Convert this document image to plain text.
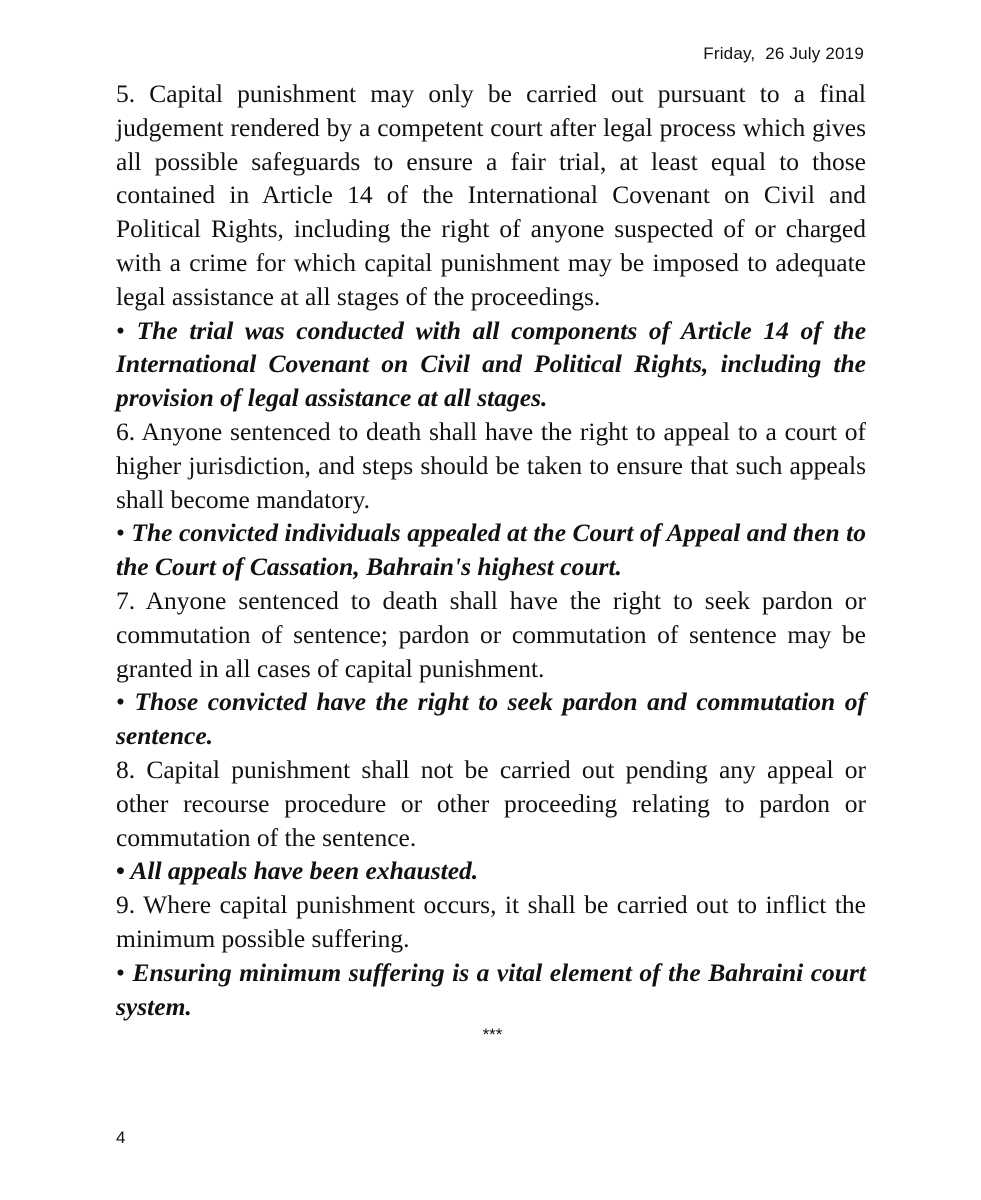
Friday,  26 July 2019

5. Capital punishment may only be carried out pursuant to a final judgement rendered by a competent court after legal process which gives all possible safeguards to ensure a fair trial, at least equal to those contained in Article 14 of the International Covenant on Civil and Political Rights, including the right of anyone suspected of or charged with a crime for which capital punishment may be imposed to adequate legal assistance at all stages of the proceedings.

• The trial was conducted with all components of Article 14 of the International Covenant on Civil and Political Rights, including the provision of legal assistance at all stages.

6. Anyone sentenced to death shall have the right to appeal to a court of higher jurisdiction, and steps should be taken to ensure that such appeals shall become mandatory.

• The convicted individuals appealed at the Court of Appeal and then to the Court of Cassation, Bahrain's highest court.

7. Anyone sentenced to death shall have the right to seek pardon or commutation of sentence; pardon or commutation of sentence may be granted in all cases of capital punishment.

• Those convicted have the right to seek pardon and commutation of sentence.

8. Capital punishment shall not be carried out pending any appeal or other recourse procedure or other proceeding relating to pardon or commutation of the sentence.

• All appeals have been exhausted.

9. Where capital punishment occurs, it shall be carried out to inflict the minimum possible suffering.

• Ensuring minimum suffering is a vital element of the Bahraini court system.

***

4
